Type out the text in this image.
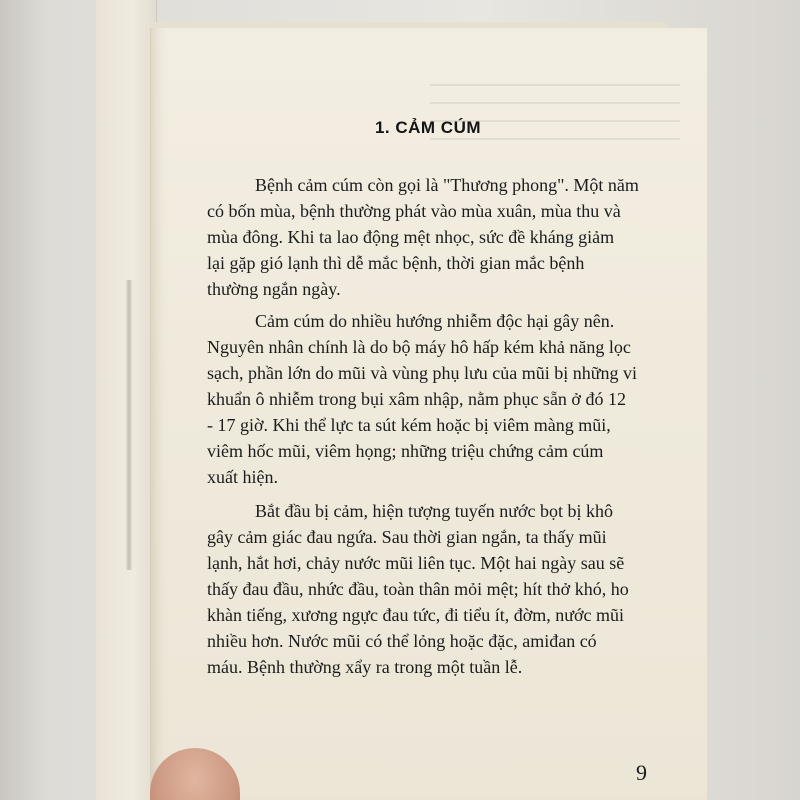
1. CẢM CÚM
Bệnh cảm cúm còn gọi là "Thương phong". Một năm
có bốn mùa, bệnh thường phát vào mùa xuân, mùa thu và
mùa đông. Khi ta lao động mệt nhọc, sức đề kháng giảm
lại gặp gió lạnh thì dễ mắc bệnh, thời gian mắc bệnh
thường ngắn ngày.
Cảm cúm do nhiều hướng nhiễm độc hại gây nên.
Nguyên nhân chính là do bộ máy hô hấp kém khả năng lọc
sạch, phần lớn do mũi và vùng phụ lưu của mũi bị những vi
khuẩn ô nhiễm trong bụi xâm nhập, nằm phục sẵn ở đó 12
- 17 giờ. Khi thể lực ta sút kém hoặc bị viêm màng mũi,
viêm hốc mũi, viêm họng; những triệu chứng cảm cúm
xuất hiện.
Bắt đầu bị cảm, hiện tượng tuyến nước bọt bị khô
gây cảm giác đau ngứa. Sau thời gian ngắn, ta thấy mũi
lạnh, hắt hơi, chảy nước mũi liên tục. Một hai ngày sau sẽ
thấy đau đầu, nhức đầu, toàn thân mỏi mệt; hít thở khó, ho
khàn tiếng, xương ngực đau tức, đi tiểu ít, đờm, nước mũi
nhiều hơn. Nước mũi có thể lỏng hoặc đặc, amiđan có
máu. Bệnh thường xẩy ra trong một tuần lễ.
9
